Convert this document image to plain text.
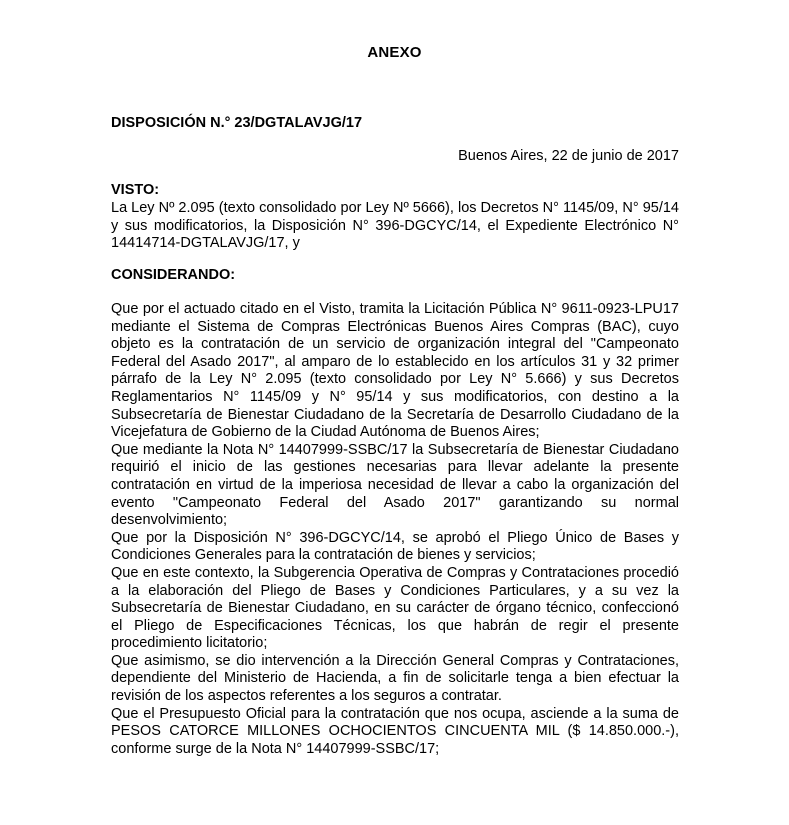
ANEXO
DISPOSICIÓN N.° 23/DGTALAVJG/17
Buenos Aires, 22 de junio de 2017
VISTO:
La Ley Nº 2.095 (texto consolidado por Ley Nº 5666), los Decretos N° 1145/09, N° 95/14 y sus modificatorios, la Disposición N° 396-DGCYC/14, el Expediente Electrónico N° 14414714-DGTALAVJG/17, y
CONSIDERANDO:

Que por el actuado citado en el Visto, tramita la Licitación Pública N° 9611-0923-LPU17 mediante el Sistema de Compras Electrónicas Buenos Aires Compras (BAC), cuyo objeto es la contratación de un servicio de organización integral del "Campeonato Federal del Asado 2017", al amparo de lo establecido en los artículos 31 y 32 primer párrafo de la Ley N° 2.095 (texto consolidado por Ley N° 5.666) y sus Decretos Reglamentarios N° 1145/09 y N° 95/14 y sus modificatorios, con destino a la Subsecretaría de Bienestar Ciudadano de la Secretaría de Desarrollo Ciudadano de la Vicejefatura de Gobierno de la Ciudad Autónoma de Buenos Aires;

Que mediante la Nota N° 14407999-SSBC/17 la Subsecretaría de Bienestar Ciudadano requirió el inicio de las gestiones necesarias para llevar adelante la presente contratación en virtud de la imperiosa necesidad de llevar a cabo la organización del evento "Campeonato Federal del Asado 2017" garantizando su normal desenvolvimiento;

Que por la Disposición N° 396-DGCYC/14, se aprobó el Pliego Único de Bases y Condiciones Generales para la contratación de bienes y servicios;

Que en este contexto, la Subgerencia Operativa de Compras y Contrataciones procedió a la elaboración del Pliego de Bases y Condiciones Particulares, y a su vez la Subsecretaría de Bienestar Ciudadano, en su carácter de órgano técnico, confeccionó el Pliego de Especificaciones Técnicas, los que habrán de regir el presente procedimiento licitatorio;

Que asimismo, se dio intervención a la Dirección General Compras y Contrataciones, dependiente del Ministerio de Hacienda, a fin de solicitarle tenga a bien efectuar la revisión de los aspectos referentes a los seguros a contratar.

Que el Presupuesto Oficial para la contratación que nos ocupa, asciende a la suma de PESOS CATORCE MILLONES OCHOCIENTOS CINCUENTA MIL ($ 14.850.000.-), conforme surge de la Nota N° 14407999-SSBC/17;
